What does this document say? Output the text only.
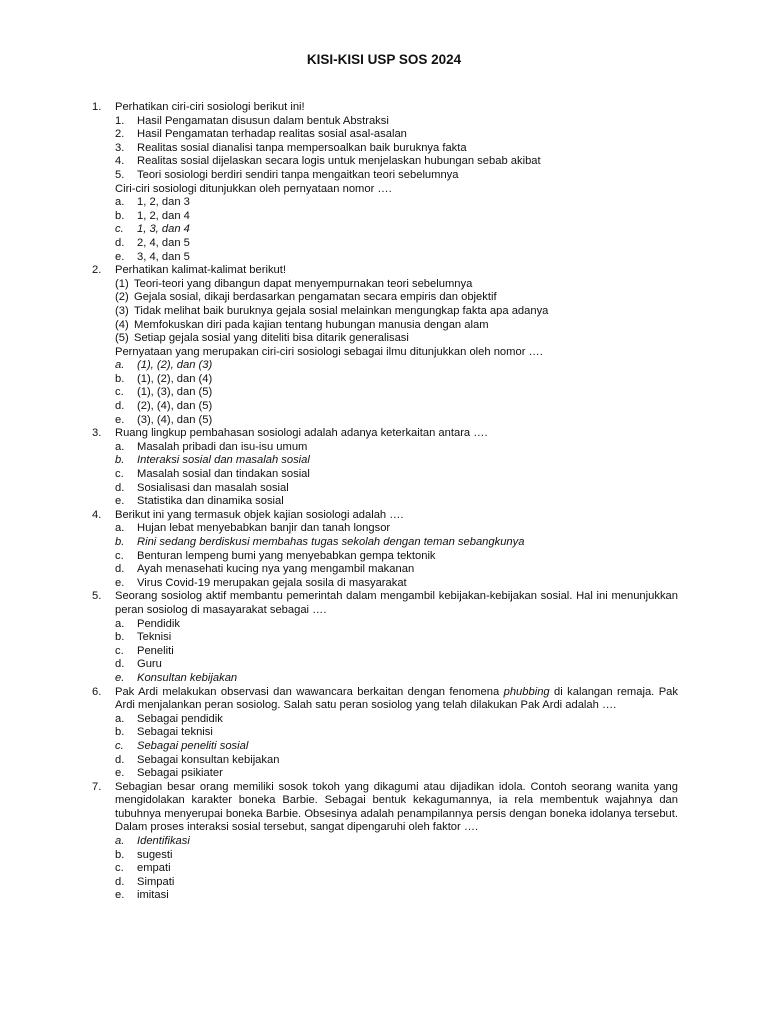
KISI-KISI USP SOS 2024
1.	Perhatikan ciri-ciri sosiologi berikut ini!
1.	Hasil Pengamatan disusun dalam bentuk Abstraksi
2.	Hasil Pengamatan terhadap realitas sosial asal-asalan
3.	Realitas sosial dianalisi tanpa mempersoalkan baik buruknya fakta
4.	Realitas sosial dijelaskan secara logis untuk menjelaskan hubungan sebab akibat
5.	Teori sosiologi berdiri sendiri tanpa mengaitkan teori sebelumnya
Ciri-ciri sosiologi ditunjukkan oleh pernyataan nomor ….
a.	1, 2, dan 3
b.	1, 2, dan 4
c.	1, 3, dan 4
d.	2, 4, dan 5
e.	3, 4, dan 5
2.	Perhatikan kalimat-kalimat berikut!
(1) Teori-teori yang dibangun dapat menyempurnakan teori sebelumnya
(2) Gejala sosial, dikaji berdasarkan pengamatan secara empiris dan objektif
(3) Tidak melihat baik buruknya gejala sosial melainkan mengungkap fakta apa adanya
(4) Memfokuskan diri pada kajian tentang hubungan manusia dengan alam
(5) Setiap gejala sosial yang diteliti bisa ditarik generalisasi
Pernyataan yang merupakan ciri-ciri sosiologi sebagai ilmu ditunjukkan oleh nomor ….
a.	(1), (2), dan (3)
b.	(1), (2), dan (4)
c.	(1), (3), dan (5)
d.	(2), (4), dan (5)
e.	(3), (4), dan (5)
3.	Ruang lingkup pembahasan sosiologi adalah adanya keterkaitan antara ….
a.	Masalah pribadi dan isu-isu umum
b.	Interaksi sosial dan masalah sosial
c.	Masalah sosial dan tindakan sosial
d.	Sosialisasi dan masalah sosial
e.	Statistika dan dinamika sosial
4.	Berikut ini yang termasuk objek kajian sosiologi adalah ….
a.	Hujan lebat menyebabkan banjir dan tanah longsor
b.	Rini sedang berdiskusi membahas tugas sekolah dengan teman sebangkunya
c.	Benturan lempeng bumi yang menyebabkan gempa tektonik
d.	Ayah menasehati kucing nya yang mengambil makanan
e.	Virus Covid-19 merupakan gejala sosila di masyarakat
5.	Seorang sosiolog aktif membantu pemerintah dalam mengambil kebijakan-kebijakan sosial. Hal ini menunjukkan peran sosiolog di masayarakat sebagai ….
a.	Pendidik
b.	Teknisi
c.	Peneliti
d.	Guru
e.	Konsultan kebijakan
6.	Pak Ardi melakukan observasi dan wawancara berkaitan dengan fenomena phubbing di kalangan remaja. Pak Ardi menjalankan peran sosiolog. Salah satu peran sosiolog yang telah dilakukan Pak Ardi adalah ….
a.	Sebagai pendidik
b.	Sebagai teknisi
c.	Sebagai peneliti sosial
d.	Sebagai konsultan kebijakan
e.	Sebagai psikiater
7.	Sebagian besar orang memiliki sosok tokoh yang dikagumi atau dijadikan idola. Contoh seorang wanita yang mengidolakan karakter boneka Barbie. Sebagai bentuk kekagumannya, ia rela membentuk wajahnya dan tubuhnya menyerupai boneka Barbie. Obsesinya adalah penampilannya persis dengan boneka idolanya tersebut. Dalam proses interaksi sosial tersebut, sangat dipengaruhi oleh faktor ….
a.	Identifikasi
b.	sugesti
c.	empati
d.	Simpati
e.	imitasi
